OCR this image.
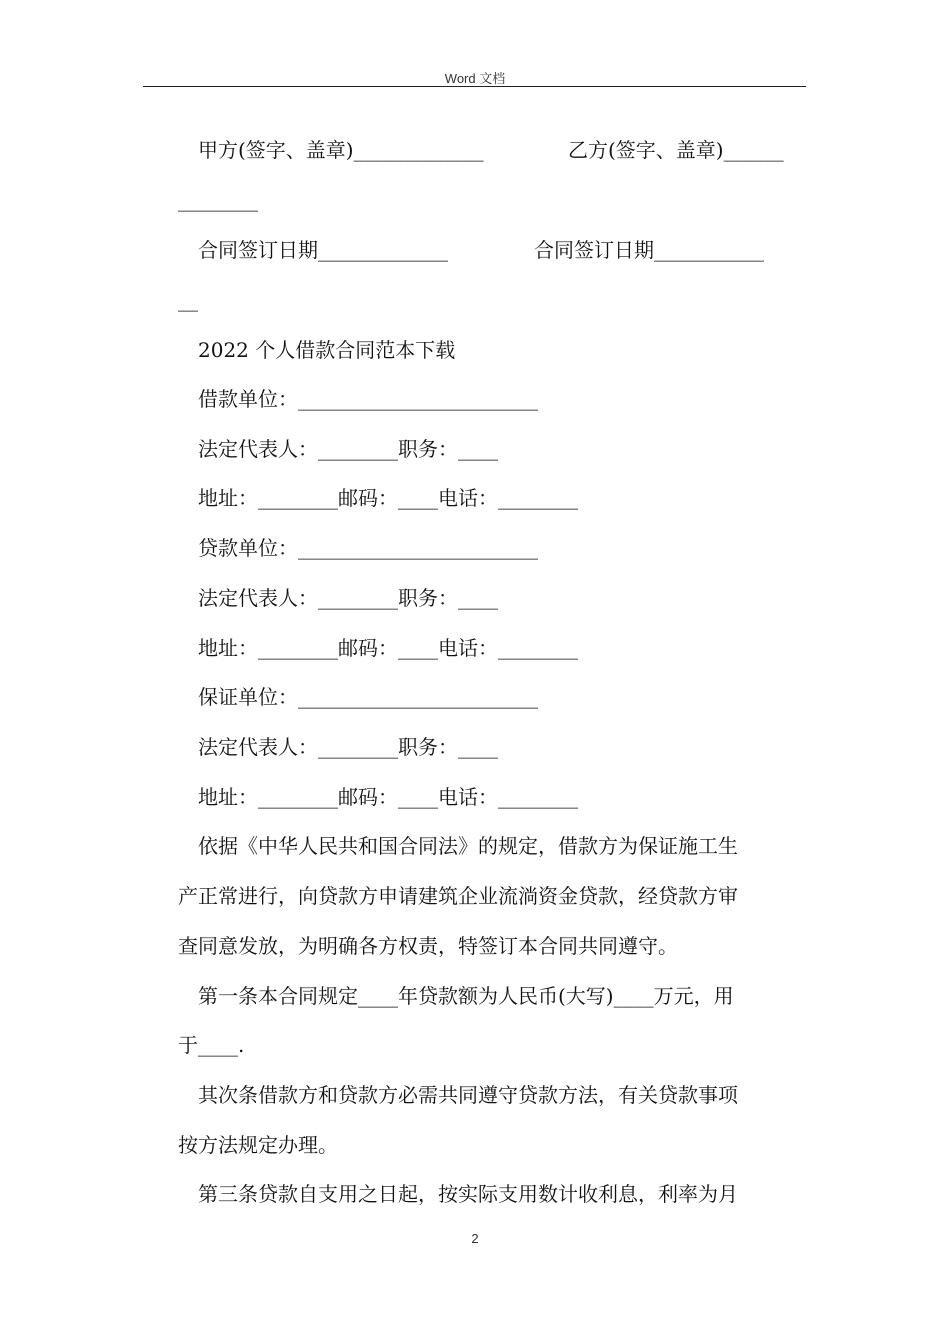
Word 文档
甲方(签字、盖章)_____________	乙方(签字、盖章)______
________
合同签订日期_____________	合同签订日期___________
__
2022 个人借款合同范本下载
借款单位：________________________
法定代表人：________职务：____
地址：________邮码：____电话：________
贷款单位：________________________
法定代表人：________职务：____
地址：________邮码：____电话：________
保证单位：________________________
法定代表人：________职务：____
地址：________邮码：____电话：________
依据《中华人民共和国合同法》的规定，借款方为保证施工生
产正常进行，向贷款方申请建筑企业流淌资金贷款，经贷款方审
查同意发放，为明确各方权责，特签订本合同共同遵守。
第一条本合同规定____年贷款额为人民币(大写)____万元，用
于____.
其次条借款方和贷款方必需共同遵守贷款方法，有关贷款事项
按方法规定办理。
第三条贷款自支用之日起，按实际支用数计收利息，利率为月
2
